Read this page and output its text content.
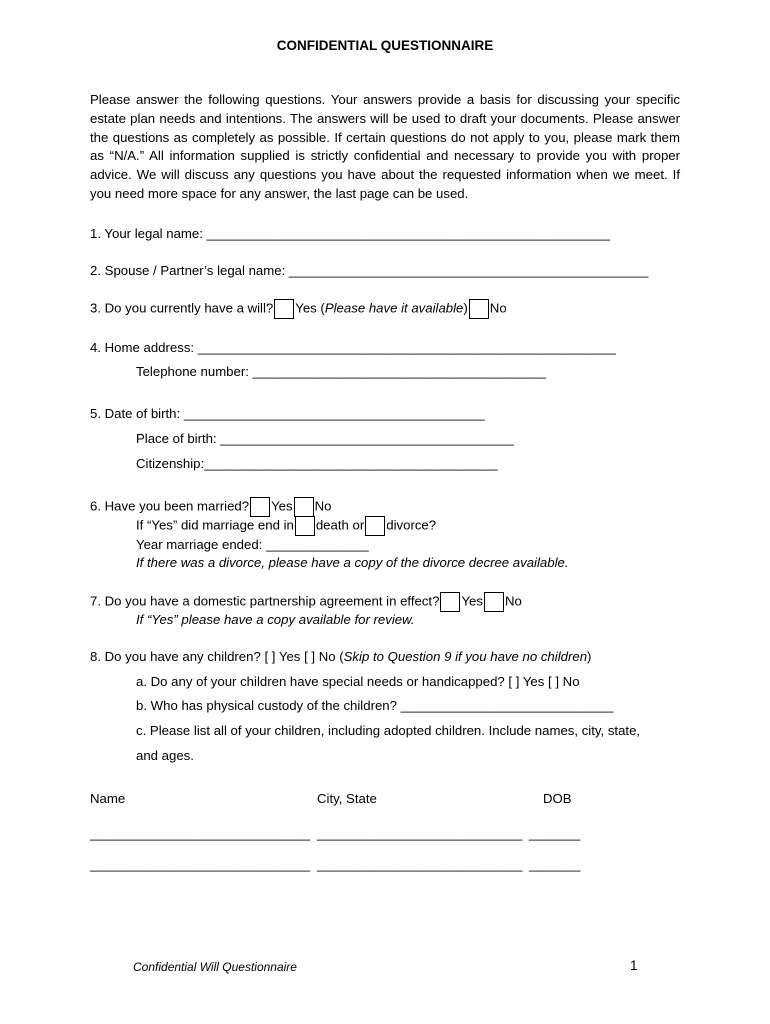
CONFIDENTIAL QUESTIONNAIRE
Please answer the following questions. Your answers provide a basis for discussing your specific estate plan needs and intentions. The answers will be used to draft your documents. Please answer the questions as completely as possible. If certain questions do not apply to you, please mark them as “N/A.” All information supplied is strictly confidential and necessary to provide you with proper advice. We will discuss any questions you have about the requested information when we meet. If you need more space for any answer, the last page can be used.
1. Your legal name: _______________________________________________________
2. Spouse / Partner’s legal name: _________________________________________________
3. Do you currently have a will? Yes (Please have it available) No
4. Home address: _________________________________________________________
Telephone number: ________________________________________
5. Date of birth: _________________________________________
Place of birth: ________________________________________
Citizenship:________________________________________
6. Have you been married? Yes No
If “Yes” did marriage end in death or divorce?
Year marriage ended: ______________
If there was a divorce, please have a copy of the divorce decree available.
7. Do you have a domestic partnership agreement in effect? Yes No
If “Yes” please have a copy available for review.
8. Do you have any children? [ ] Yes [ ] No (Skip to Question 9 if you have no children)
a. Do any of your children have special needs or handicapped? [ ] Yes [ ] No
b. Who has physical custody of the children? _____________________________
c. Please list all of your children, including adopted children. Include names, city, state,
and ages.
Name	City, State	DOB
______________________________ ____________________________ _______
______________________________ ____________________________ _______
Confidential Will Questionnaire	1
